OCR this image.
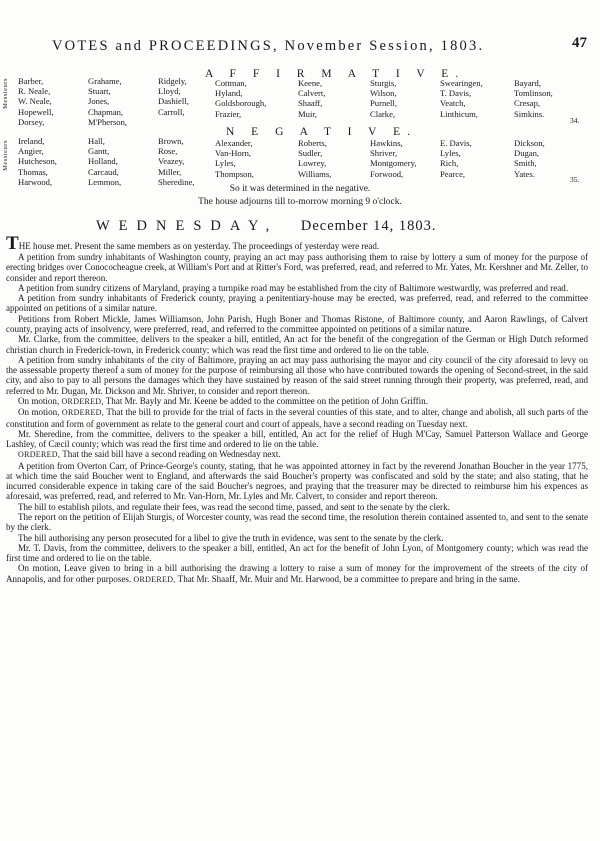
VOTES and PROCEEDINGS, November Session, 1803.	47
A F F I R M A T I V E.
Messieurs Barber,
R. Neale,
W. Neale,
Hopewell,
Dorsey,
Grahame,
Stuart,
Jones,
Chapman,
M'Pherson,
Ridgely,
Lloyd,
Dashiell,
Carroll,
Cottman,
Hyland,
Goldsborough,
Frazier,
Keene,
Calvert,
Shaaff,
Muir,
Sturgis,
Wilson,
Purnell,
Clarke,
Swearingen,
T. Davis,
Veatch,
Linthicum,
Bayard,
Tomlinson,
Cresap,
Simkins.
34.
N E G A T I V E.
Messieurs Ireland,
Angier,
Hutcheson,
Thomas,
Harwood,
Hall,
Gantt,
Holland,
Carcaud,
Lemmon,
Brown,
Rose,
Veazey,
Miller,
Sheredine,
Alexander,
Van-Horn,
Lyles,
Thompson,
Roberts,
Sudler,
Lowrey,
Williams,
Hawkins,
Shriver,
Montgomery,
Forwood,
E. Davis,
Lyles,
Rich,
Pearce,
Dickson,
Dugan,
Smith,
Yates.
35.
So it was determined in the negative.
The house adjourns till to-morrow morning 9 o'clock.
WEDNESDAY, December 14, 1803.

THE house met. Present the same members as on yesterday. The proceedings of yesterday were read.

A petition from sundry inhabitants of Washington county, praying an act may pass authorising them to raise by lottery a sum of money for the purpose of erecting bridges over Conococheague creek, at William's Port and at Ritter's Ford, was preferred, read, and referred to Mr. Yates, Mr. Kershner and Mr. Zeller, to consider and report thereon.

A petition from sundry citizens of Maryland, praying a turnpike road may be established from the city of Baltimore westwardly, was preferred and read.

A petition from sundry inhabitants of Frederick county, praying a penitentiary-house may be erected, was preferred, read, and referred to the committee appointed on petitions of a similar nature.

Petitions from Robert Mickle, James Williamson, John Parish, Hugh Boner and Thomas Ristone, of Baltimore county, and Aaron Rawlings, of Calvert county, praying acts of insolvency, were preferred, read, and referred to the committee appointed on petitions of a similar nature.

Mr. Clarke, from the committee, delivers to the speaker a bill, entitled, An act for the benefit of the congregation of the German or High Dutch reformed christian church in Frederick-town, in Frederick county; which was read the first time and ordered to lie on the table.

A petition from sundry inhabitants of the city of Baltimore, praying an act may pass authorising the mayor and city council of the city aforesaid to levy on the assessable property thereof a sum of money for the purpose of reimbursing all those who have contributed towards the opening of Second-street, in the said city, and also to pay to all persons the damages which they have sustained by reason of the said street running through their property, was preferred, read, and referred to Mr. Dugan, Mr. Dickson and Mr. Shriver, to consider and report thereon.

On motion, ORDERED, That Mr. Bayly and Mr. Keene be added to the committee on the petition of John Griffin.

On motion, ORDERED, That the bill to provide for the trial of facts in the several counties of this state, and to alter, change and abolish, all such parts of the constitution and form of government as relate to the general court and court of appeals, have a second reading on Tuesday next.

Mr. Sheredine, from the committee, delivers to the speaker a bill, entitled, An act for the relief of Hugh M'Cay, Samuel Patterson Wallace and George Lashley, of Cæcil county; which was read the first time and ordered to lie on the table.

ORDERED, That the said bill have a second reading on Wednesday next.

A petition from Overton Carr, of Prince-George's county, stating, that he was appointed attorney in fact by the reverend Jonathan Boucher in the year 1775, at which time the said Boucher went to England, and afterwards the said Boucher's property was confiscated and sold by the state; and also stating, that he incurred considerable expence in taking care of the said Boucher's negroes, and praying that the treasurer may be directed to reimburse him his expences as aforesaid, was preferred, read, and referred to Mr. Van-Horn, Mr. Lyles and Mr. Calvert, to consider and report thereon.

The bill to establish pilots, and regulate their fees, was read the second time, passed, and sent to the senate by the clerk.

The report on the petition of Elijah Sturgis, of Worcester county, was read the second time, the resolution therein contained assented to, and sent to the senate by the clerk.

The bill authorising any person prosecuted for a libel to give the truth in evidence, was sent to the senate by the clerk.

Mr. T. Davis, from the committee, delivers to the speaker a bill, entitled, An act for the benefit of John Lyon, of Montgomery county; which was read the first time and ordered to lie on the table.

On motion, Leave given to bring in a bill authorising the drawing a lottery to raise a sum of money for the improvement of the streets of the city of Annapolis, and for other purposes. ORDERED, That Mr. Shaaff, Mr. Muir and Mr. Harwood, be a committee to prepare and bring in the same.
